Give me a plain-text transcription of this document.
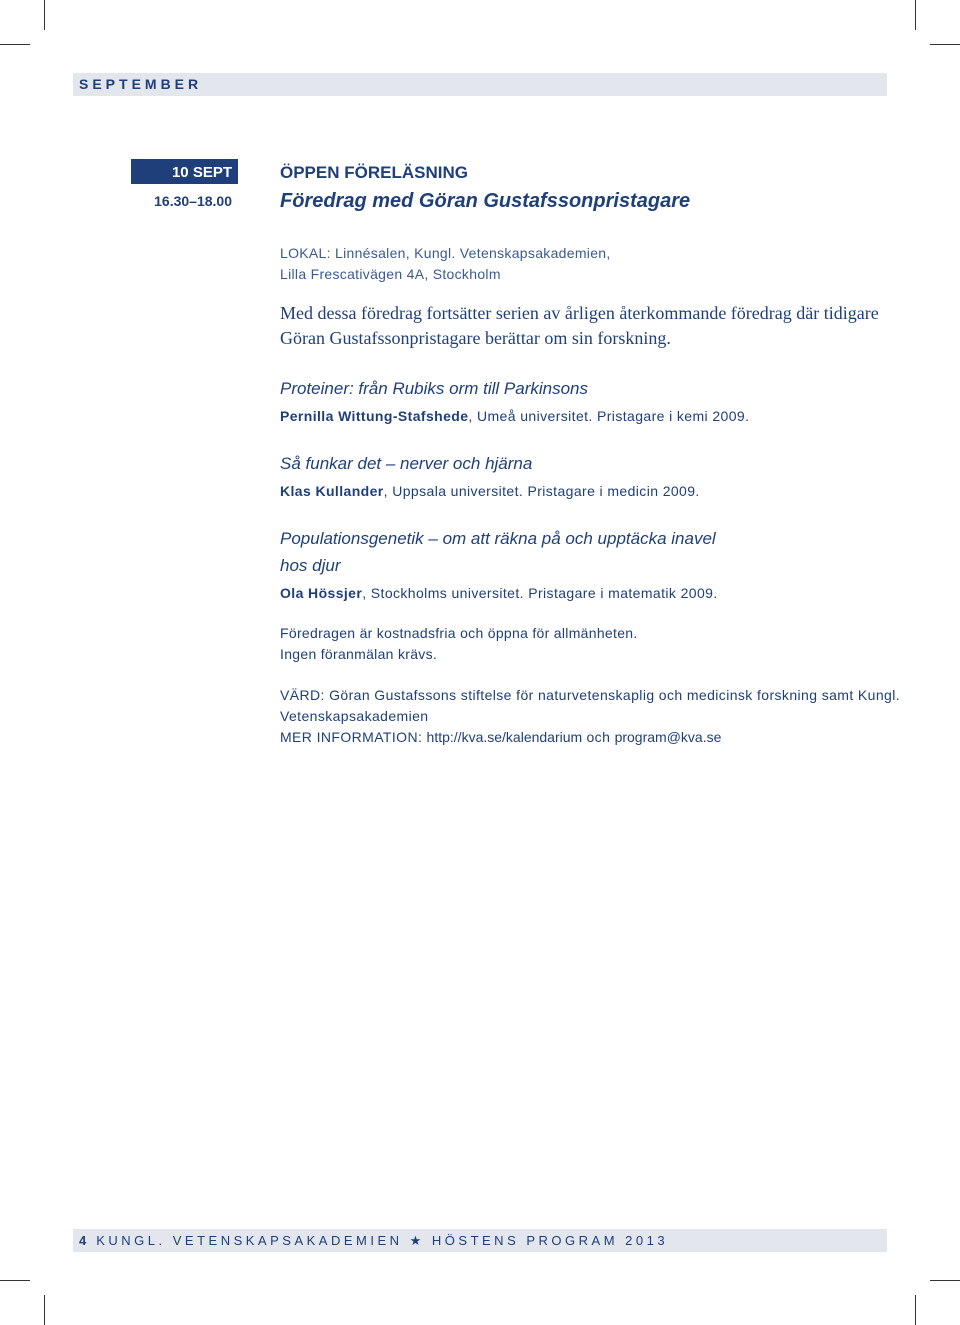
SEPTEMBER
10 SEPT
16.30–18.00

ÖPPEN FÖRELÄSNING

Föredrag med Göran Gustafssonpristagare

LOKAL: Linnésalen, Kungl. Vetenskapsakademien,
Lilla Frescativägen 4A, Stockholm
Med dessa föredrag fortsätter serien av årligen återkommande föredrag där tidigare Göran Gustafssonpristagare berättar om sin forskning.
Proteiner: från Rubiks orm till Parkinsons
Pernilla Wittung-Stafshede, Umeå universitet. Pristagare i kemi 2009.
Så funkar det – nerver och hjärna
Klas Kullander, Uppsala universitet. Pristagare i medicin 2009.
Populationsgenetik – om att räkna på och upptäcka inavel hos djur
Ola Hössjer, Stockholms universitet. Pristagare i matematik 2009.
Föredragen är kostnadsfria och öppna för allmänheten.
Ingen föranmälan krävs.
VÄRD: Göran Gustafssons stiftelse för naturvetenskaplig och medicinsk forskning samt Kungl. Vetenskapsakademien
MER INFORMATION: http://kva.se/kalendarium och program@kva.se
4 KUNGL. VETENSKAPSAKADEMIEN ★ HÖSTENS PROGRAM 2013
